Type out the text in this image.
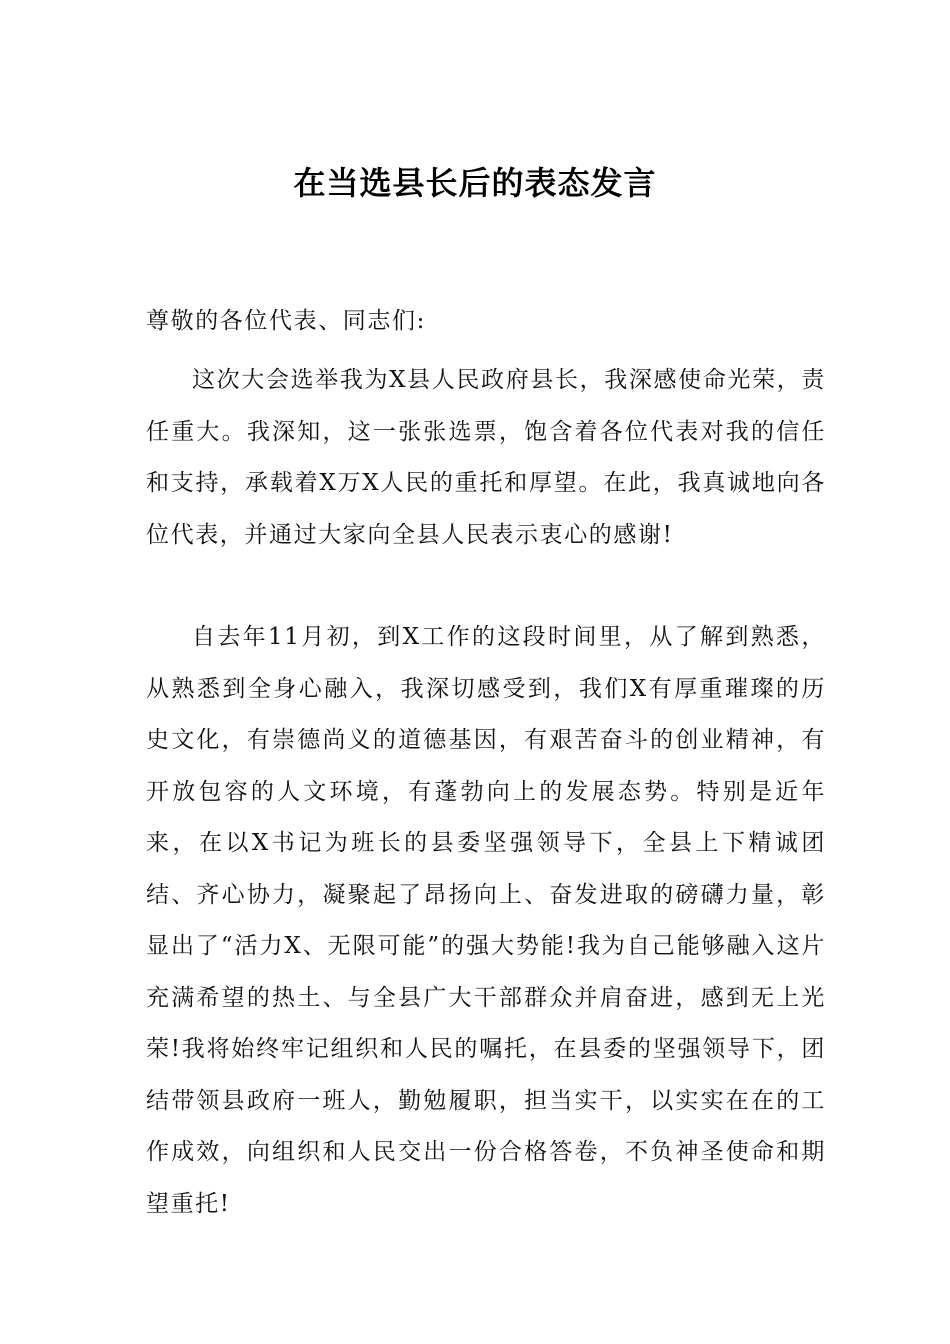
在当选县长后的表态发言
尊敬的各位代表、同志们:
这次大会选举我为X县人民政府县长，我深感使命光荣，责任重大。我深知，这一张张选票，饱含着各位代表对我的信任和支持，承载着X万X人民的重托和厚望。在此，我真诚地向各位代表，并通过大家向全县人民表示衷心的感谢!
自去年11月初，到X工作的这段时间里，从了解到熟悉，从熟悉到全身心融入，我深切感受到，我们X有厚重璀璨的历史文化，有崇德尚义的道德基因，有艰苦奋斗的创业精神，有开放包容的人文环境，有蓬勃向上的发展态势。特别是近年来，在以X书记为班长的县委坚强领导下，全县上下精诚团结、齐心协力，凝聚起了昂扬向上、奋发进取的磅礴力量，彰显出了“活力X、无限可能”的强大势能!我为自己能够融入这片充满希望的热土、与全县广大干部群众并肩奋进，感到无上光荣!我将始终牢记组织和人民的嘱托，在县委的坚强领导下，团结带领县政府一班人，勤勉履职，担当实干，以实实在在的工作成效，向组织和人民交出一份合格答卷，不负神圣使命和期望重托!
